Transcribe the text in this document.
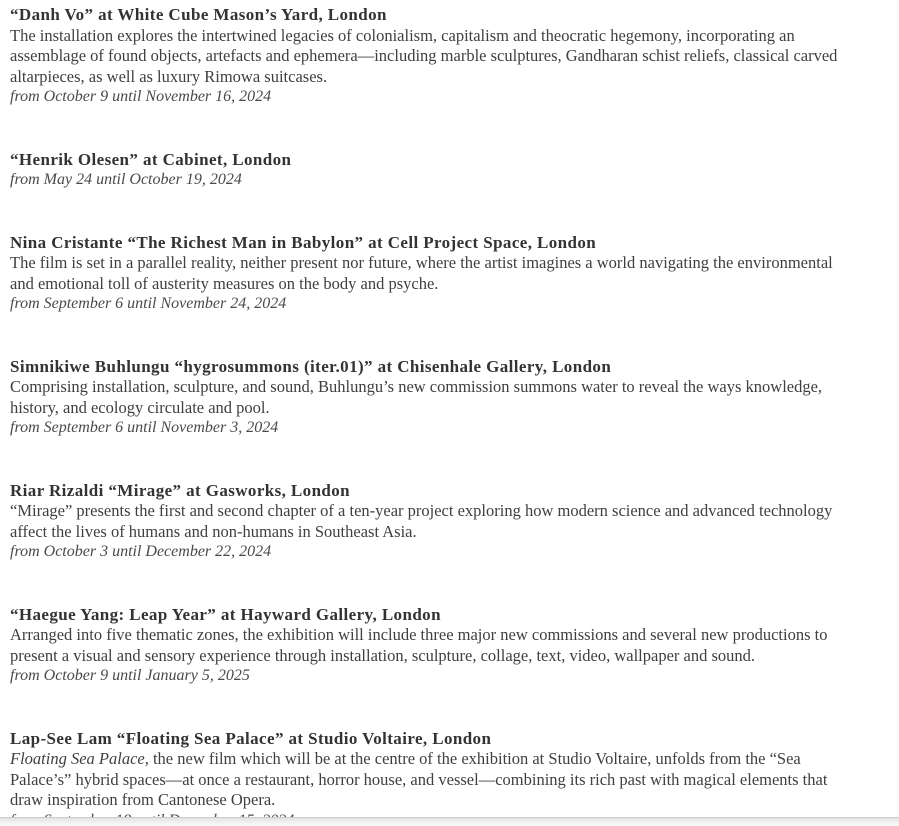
“Danh Vo” at White Cube Mason’s Yard, London

The installation explores the intertwined legacies of colonialism, capitalism and theocratic hegemony, incorporating an assemblage of found objects, artefacts and ephemera—including marble sculptures, Gandharan schist reliefs, classical carved altarpieces, as well as luxury Rimowa suitcases.

from October 9 until November 16, 2024

“Henrik Olesen” at Cabinet, London

from May 24 until October 19, 2024

Nina Cristante “The Richest Man in Babylon” at Cell Project Space, London

The film is set in a parallel reality, neither present nor future, where the artist imagines a world navigating the environmental and emotional toll of austerity measures on the body and psyche.

from September 6 until November 24, 2024

Simnikiwe Buhlungu “hygrosummons (iter.01)” at Chisenhale Gallery, London

Comprising installation, sculpture, and sound, Buhlungu’s new commission summons water to reveal the ways knowledge, history, and ecology circulate and pool.

from September 6 until November 3, 2024

Riar Rizaldi “Mirage” at Gasworks, London

“Mirage” presents the first and second chapter of a ten-year project exploring how modern science and advanced technology affect the lives of humans and non-humans in Southeast Asia.

from October 3 until December 22, 2024

“Haegue Yang: Leap Year” at Hayward Gallery, London

Arranged into five thematic zones, the exhibition will include three major new commissions and several new productions to present a visual and sensory experience through installation, sculpture, collage, text, video, wallpaper and sound.

from October 9 until January 5, 2025

Lap-See Lam “Floating Sea Palace” at Studio Voltaire, London

Floating Sea Palace, the new film which will be at the centre of the exhibition at Studio Voltaire, unfolds from the “Sea Palace’s” hybrid spaces—at once a restaurant, horror house, and vessel—combining its rich past with magical elements that draw inspiration from Cantonese Opera.
